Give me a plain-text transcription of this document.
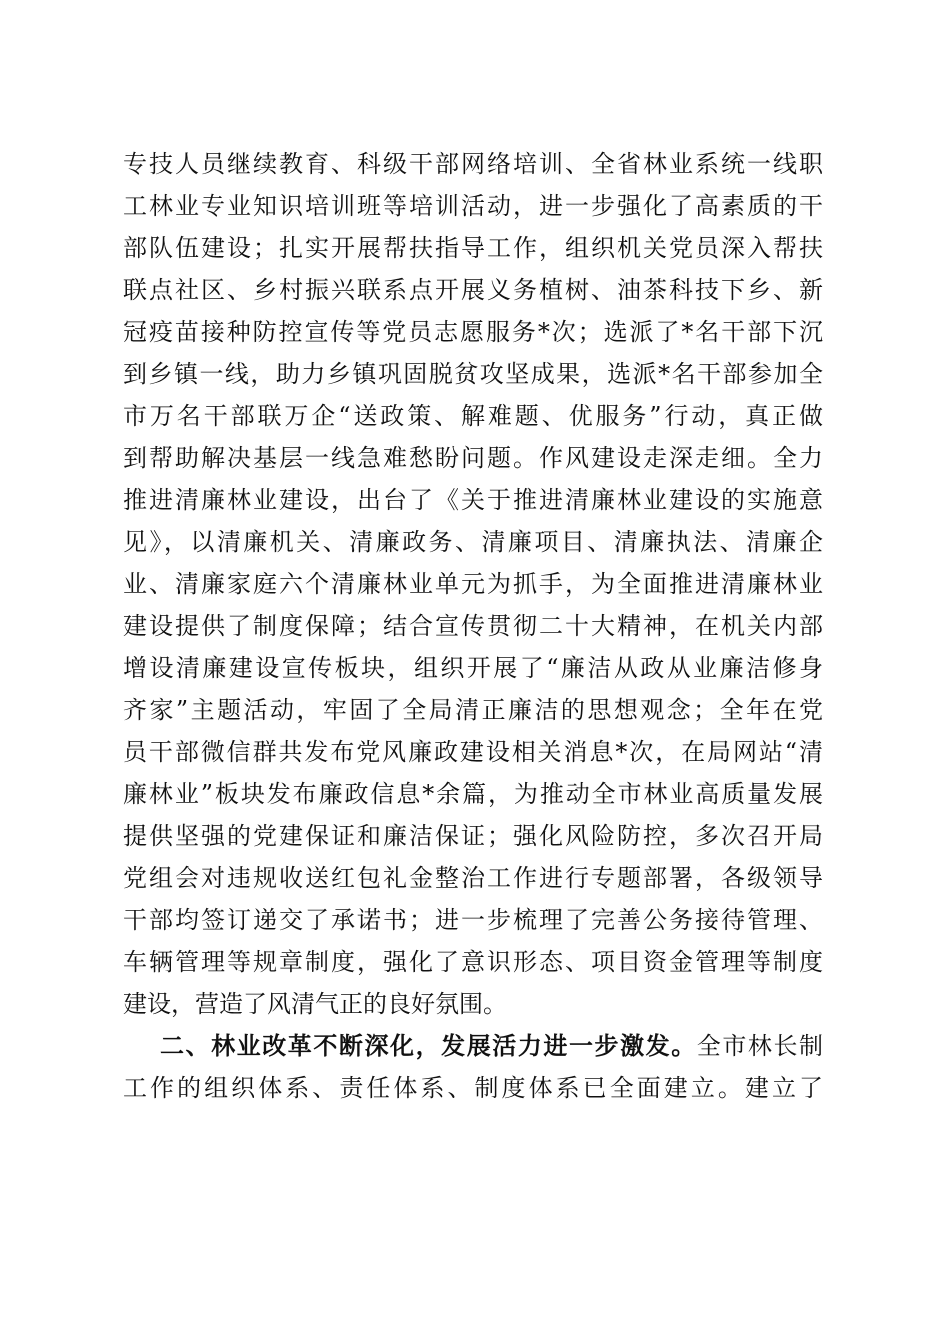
专技人员继续教育、科级干部网络培训、全省林业系统一线职
工林业专业知识培训班等培训活动，进一步强化了高素质的干
部队伍建设；扎实开展帮扶指导工作，组织机关党员深入帮扶
联点社区、乡村振兴联系点开展义务植树、油茶科技下乡、新
冠疫苗接种防控宣传等党员志愿服务*次；选派了*名干部下沉
到乡镇一线，助力乡镇巩固脱贫攻坚成果，选派*名干部参加全
市万名干部联万企“送政策、解难题、优服务”行动，真正做
到帮助解决基层一线急难愁盼问题。作风建设走深走细。全力
推进清廉林业建设，出台了《关于推进清廉林业建设的实施意
见》，以清廉机关、清廉政务、清廉项目、清廉执法、清廉企
业、清廉家庭六个清廉林业单元为抓手，为全面推进清廉林业
建设提供了制度保障；结合宣传贯彻二十大精神，在机关内部
增设清廉建设宣传板块，组织开展了“廉洁从政从业廉洁修身
齐家”主题活动，牢固了全局清正廉洁的思想观念；全年在党
员干部微信群共发布党风廉政建设相关消息*次，在局网站“清
廉林业”板块发布廉政信息*余篇，为推动全市林业高质量发展
提供坚强的党建保证和廉洁保证；强化风险防控，多次召开局
党组会对违规收送红包礼金整治工作进行专题部署，各级领导
干部均签订递交了承诺书；进一步梳理了完善公务接待管理、
车辆管理等规章制度，强化了意识形态、项目资金管理等制度
建设，营造了风清气正的良好氛围。
二、林业改革不断深化，发展活力进一步激发。全市林长制
工作的组织体系、责任体系、制度体系已全面建立。建立了
